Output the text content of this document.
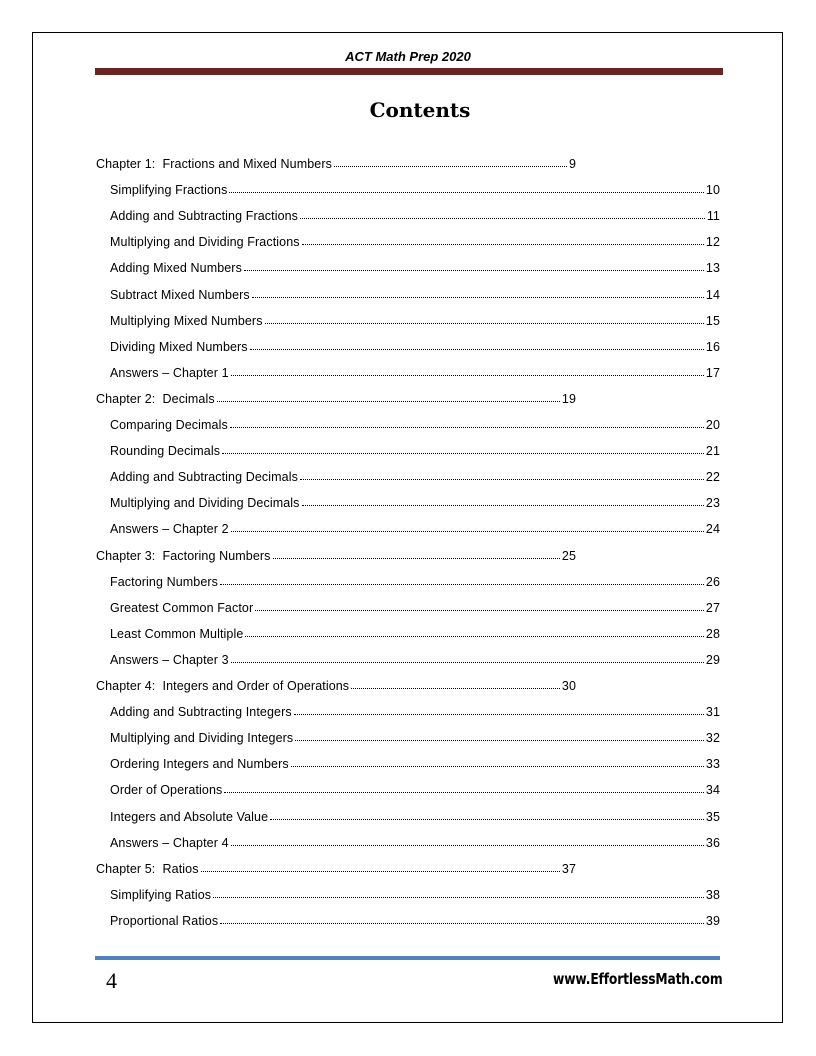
ACT Math Prep 2020
Contents
Chapter 1:  Fractions and Mixed Numbers	9
Simplifying Fractions	10
Adding and Subtracting Fractions	11
Multiplying and Dividing Fractions	12
Adding Mixed Numbers	13
Subtract Mixed Numbers	14
Multiplying Mixed Numbers	15
Dividing Mixed Numbers	16
Answers – Chapter 1	17
Chapter 2:  Decimals	19
Comparing Decimals	20
Rounding Decimals	21
Adding and Subtracting Decimals	22
Multiplying and Dividing Decimals	23
Answers – Chapter 2	24
Chapter 3:  Factoring Numbers	25
Factoring Numbers	26
Greatest Common Factor	27
Least Common Multiple	28
Answers – Chapter 3	29
Chapter 4:  Integers and Order of Operations	30
Adding and Subtracting Integers	31
Multiplying and Dividing Integers	32
Ordering Integers and Numbers	33
Order of Operations	34
Integers and Absolute Value	35
Answers – Chapter 4	36
Chapter 5:  Ratios	37
Simplifying Ratios	38
Proportional Ratios	39
4	www.EffortlessMath.com
